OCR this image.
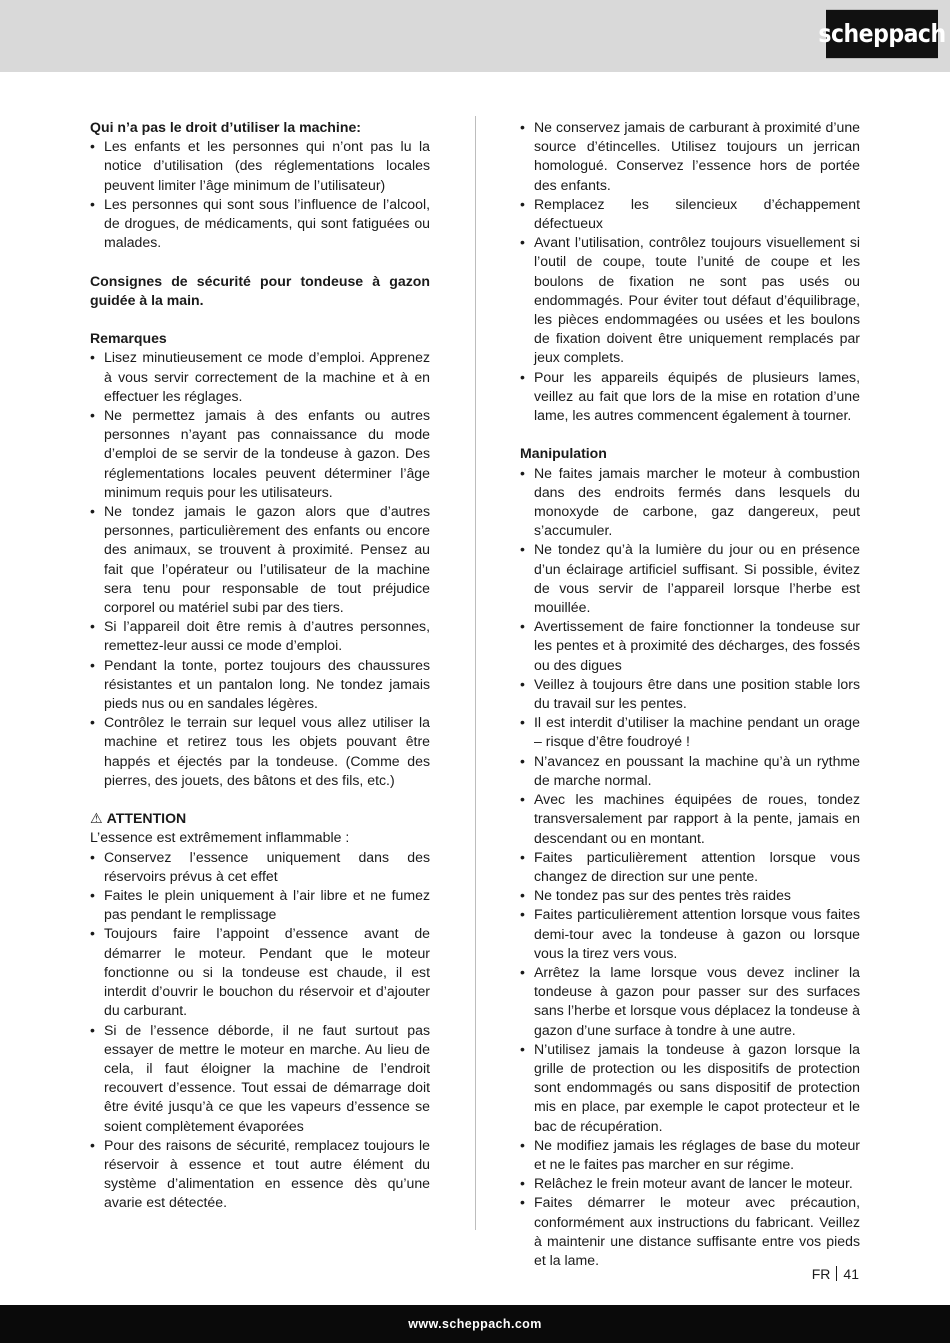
scheppach
Qui n’a pas le droit d’utiliser la machine:
• Les enfants et les personnes qui n’ont pas lu la notice d’utilisation (des réglementations locales peuvent limiter l’âge minimum de l’utilisateur)
• Les personnes qui sont sous l’influence de l’alcool, de drogues, de médicaments, qui sont fatiguées ou malades.
Consignes de sécurité pour tondeuse à gazon guidée à la main.
Remarques
• Lisez minutieusement ce mode d’emploi. Apprenez à vous servir correctement de la machine et à en effectuer les réglages.
• Ne permettez jamais à des enfants ou autres personnes n’ayant pas connaissance du mode d’emploi de se servir de la tondeuse à gazon. Des réglementations locales peuvent déterminer l’âge minimum requis pour les utilisateurs.
• Ne tondez jamais le gazon alors que d’autres personnes, particulièrement des enfants ou encore des animaux, se trouvent à proximité. Pensez au fait que l’opérateur ou l’utilisateur de la machine sera tenu pour responsable de tout préjudice corporel ou matériel subi par des tiers.
• Si l’appareil doit être remis à d’autres personnes, remettez-leur aussi ce mode d’emploi.
• Pendant la tonte, portez toujours des chaussures résistantes et un pantalon long. Ne tondez jamais pieds nus ou en sandales légères.
• Contrôlez le terrain sur lequel vous allez utiliser la machine et retirez tous les objets pouvant être happés et éjectés par la tondeuse. (Comme des pierres, des jouets, des bâtons et des fils, etc.)
⚠ ATTENTION

L’essence est extrêmement inflammable :

• Conservez l’essence uniquement dans des réservoirs prévus à cet effet
• Faites le plein uniquement à l’air libre et ne fumez pas pendant le remplissage
• Toujours faire l’appoint d’essence avant de démarrer le moteur. Pendant que le moteur fonctionne ou si la tondeuse est chaude, il est interdit d’ouvrir le bouchon du réservoir et d’ajouter du carburant.
• Si de l’essence déborde, il ne faut surtout pas essayer de mettre le moteur en marche. Au lieu de cela, il faut éloigner la machine de l’endroit recouvert d’essence. Tout essai de démarrage doit être évité jusqu’à ce que les vapeurs d’essence se soient complètement évaporées
• Pour des raisons de sécurité, remplacez toujours le réservoir à essence et tout autre élément du système d’alimentation en essence dès qu’une avarie est détectée.
• Ne conservez jamais de carburant à proximité d’une source d’étincelles. Utilisez toujours un jerrican homologué. Conservez l’essence hors de portée des enfants.
• Remplacez les silencieux d’échappement défectueux
• Avant l’utilisation, contrôlez toujours visuellement si l’outil de coupe, toute l’unité de coupe et les boulons de fixation ne sont pas usés ou endommagés. Pour éviter tout défaut d’équilibrage, les pièces endommagées ou usées et les boulons de fixation doivent être uniquement remplacés par jeux complets.
• Pour les appareils équipés de plusieurs lames, veillez au fait que lors de la mise en rotation d’une lame, les autres commencent également à tourner.
Manipulation
• Ne faites jamais marcher le moteur à combustion dans des endroits fermés dans lesquels du monoxyde de carbone, gaz dangereux, peut s’accumuler.
• Ne tondez qu’à la lumière du jour ou en présence d’un éclairage artificiel suffisant. Si possible, évitez de vous servir de l’appareil lorsque l’herbe est mouillée.
• Avertissement de faire fonctionner la tondeuse sur les pentes et à proximité des décharges, des fossés ou des digues
• Veillez à toujours être dans une position stable lors du travail sur les pentes.
• Il est interdit d’utiliser la machine pendant un orage – risque d’être foudroyé !
• N’avancez en poussant la machine qu’à un rythme de marche normal.
• Avec les machines équipées de roues, tondez transversalement par rapport à la pente, jamais en descendant ou en montant.
• Faites particulièrement attention lorsque vous changez de direction sur une pente.
• Ne tondez pas sur des pentes très raides
• Faites particulièrement attention lorsque vous faites demi-tour avec la tondeuse à gazon ou lorsque vous la tirez vers vous.
• Arrêtez la lame lorsque vous devez incliner la tondeuse à gazon pour passer sur des surfaces sans l’herbe et lorsque vous déplacez la tondeuse à gazon d’une surface à tondre à une autre.
• N’utilisez jamais la tondeuse à gazon lorsque la grille de protection ou les dispositifs de protection sont endommagés ou sans dispositif de protection mis en place, par exemple le capot protecteur et le bac de récupération.
• Ne modifiez jamais les réglages de base du moteur et ne le faites pas marcher en sur régime.
• Relâchez le frein moteur avant de lancer le moteur.
• Faites démarrer le moteur avec précaution, conformément aux instructions du fabricant. Veillez à maintenir une distance suffisante entre vos pieds et la lame.
FR 41
www.scheppach.com
